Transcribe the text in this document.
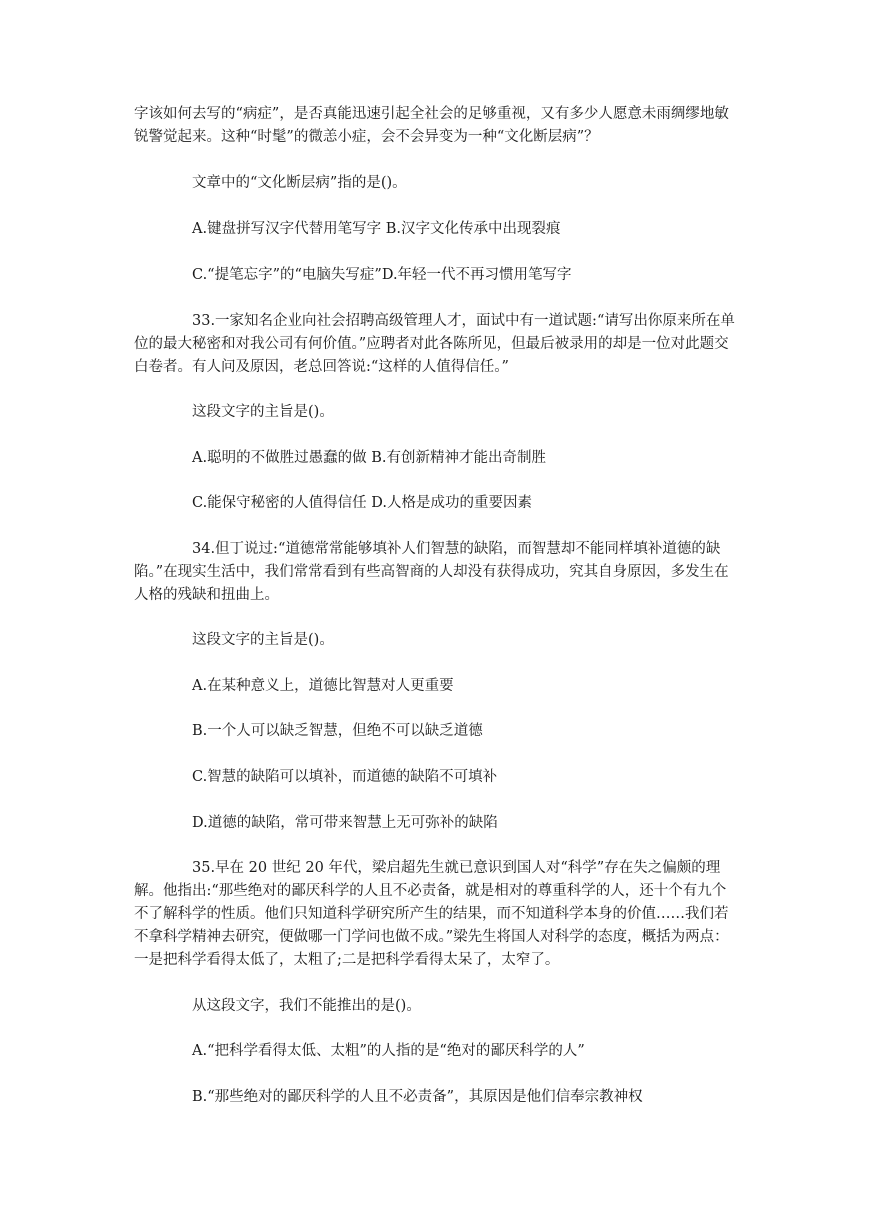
字该如何去写的“病症”，是否真能迅速引起全社会的足够重视，又有多少人愿意未雨绸缪地敏锐警觉起来。这种“时髦”的微恙小症，会不会异变为一种“文化断层病”？

文章中的“文化断层病”指的是()。

A.键盘拼写汉字代替用笔写字 B.汉字文化传承中出现裂痕

C.“提笔忘字”的“电脑失写症”D.年轻一代不再习惯用笔写字

33.一家知名企业向社会招聘高级管理人才，面试中有一道试题:“请写出你原来所在单位的最大秘密和对我公司有何价值。”应聘者对此各陈所见，但最后被录用的却是一位对此题交白卷者。有人问及原因，老总回答说:“这样的人值得信任。”

这段文字的主旨是()。

A.聪明的不做胜过愚蠢的做 B.有创新精神才能出奇制胜

C.能保守秘密的人值得信任 D.人格是成功的重要因素

34.但丁说过:“道德常常能够填补人们智慧的缺陷，而智慧却不能同样填补道德的缺陷。”在现实生活中，我们常常看到有些高智商的人却没有获得成功，究其自身原因，多发生在人格的残缺和扭曲上。

这段文字的主旨是()。

A.在某种意义上，道德比智慧对人更重要

B.一个人可以缺乏智慧，但绝不可以缺乏道德

C.智慧的缺陷可以填补，而道德的缺陷不可填补

D.道德的缺陷，常可带来智慧上无可弥补的缺陷

35.早在 20 世纪 20 年代，梁启超先生就已意识到国人对“科学”存在失之偏颇的理解。他指出:“那些绝对的鄙厌科学的人且不必责备，就是相对的尊重科学的人，还十个有九个不了解科学的性质。他们只知道科学研究所产生的结果，而不知道科学本身的价值……我们若不拿科学精神去研究，便做哪一门学问也做不成。”梁先生将国人对科学的态度，概括为两点：一是把科学看得太低了，太粗了;二是把科学看得太呆了，太窄了。

从这段文字，我们不能推出的是()。

A.“把科学看得太低、太粗”的人指的是“绝对的鄙厌科学的人”

B.“那些绝对的鄙厌科学的人且不必责备”，其原因是他们信奉宗教神权
